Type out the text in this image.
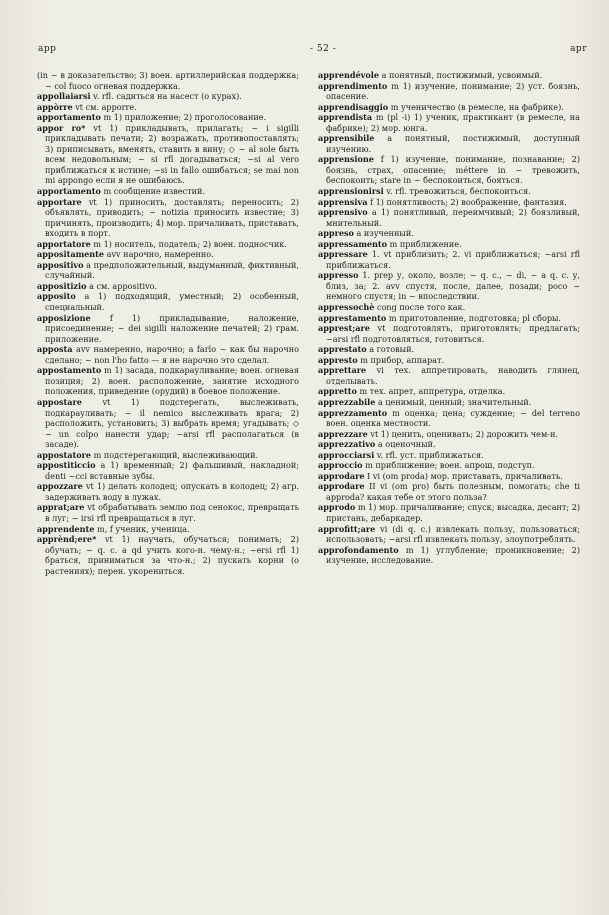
app	- 52 -	apr

(in ~ в доказательство; 3) воен. артиллерийская поддержка; ~ col fuoco огневая поддержка.

appollaiarsi v. rfl. садиться на насест (о курах).

appòrre vt см. apporre.

apportamento m 1) приложение; 2) проголосование.

appor ro* vt 1) прикладывать, прилагать; ~ i sigilli прикладывать печати; 2) возражать, противопоставлять; 3) приписывать, вменять, ставить в вину; ◇ ~ al sole быть всем недовольным; ~ si rfl догадываться; ~si al vero приближаться к истине; ~si in fallo ошибаться; se mai non mi appongo если я не ошибаюсь.

apportamento m сообщение известий.

apportare vt 1) приносить, доставлять; переносить; 2) объявлять, приводить; ~ notizia приносить известие; 3) причинять, производить; 4) мор. причаливать, приставать, входить в порт.

apportatore m 1) носитель, податель; 2) воен. подносчик.

appositamente avv нарочно, намеренно.

appositivo a предположительный, выдуманный, фиктивный, случайный.

appositizio a см. appositivo.

apposito a 1) подходящий, уместный; 2) особенный, специальный.

apposizione f 1) прикладывание, наложение, присоединение; ~ dei sigilli наложение печатей; 2) грам. приложение.

apposta avv намеренно, нарочно; a farlo ~ как бы нарочно сделано; ~ non l'ho fatto — я не нарочно это сделал.

appostamento m 1) засада, подкарауливание; воен. огневая позиция; 2) воен. расположение, занятие исходного положения, приведение (орудий) в боевое положение.

appostare	vt 1) подстерегать, выслеживать, подкарауливать; ~ il nemico выслеживать врага; 2) расположить, установить; 3) выбрать время; угадывать; ◇ ~ un colpo нанести удар; ~arsi rfl располагаться (в засаде).

appostatore m подстерегающий, выслеживающий.

appostiticcio a 1) временный; 2) фальшивый, накладной; denti ~cci вставные зубы.

appozzare vt 1) делать колодец; опускать в колодец; 2) агр. задерживать воду в лужах.

apprat;are vt обрабатывать землю под сенокос, превращать в луг; ~ irsi rfl превращаться в луг.

apprendente m, f ученик, ученица.

apprènd;ere* vt 1) научать, обучаться; понимать; 2) обучать; ~ q. c. a qd учить кого-н. чему-н.; ~ersi rfl 1) браться, приниматься за что-н.; 2) пускать корни (о растениях); перен. укорениться.

apprendévole a понятный, постижимый, усвоимый.

apprendimento m 1) изучение, понимание; 2) уст. боязнь, опасение.

apprendisaggio m ученичество (в ремесле, на фабрике).

apprendista m (pl -i) 1) ученик, практикант (в ремесле, на фабрике); 2) мор. юнга.

apprensibile a понятный, постижимый, доступный изучению.

apprensione f 1) изучение, понимание, познавание; 2) боязнь, страх, опасение; méttere in ~ тревожить, беспокоить; stare in ~ беспокоиться, бояться.

apprensionirsi v. rfl. тревожиться, беспокоиться.

apprensiva f 1) понятливость; 2) воображение, фантазия.

apprensivo a 1) понятливый, переимчивый; 2) боязливый, мнительный.

appreso a изученный.

appressamento m приближение.

appressare 1. vt приблизить; 2. vi приближаться; ~arsi rfl приближаться.

appresso 1. prep у, около, возле; ~ q. c., ~ di, ~ a q. c. у, близ, за; 2. avv спустя, после, далее, позади; poco ~ немного спустя; in ~ впоследствии.

appressochè cong после того как.

apprestamento m приготовление, подготовка; pl сборы.

apprest;are vt подготовлять, приготовлять; предлагать; ~arsi rfl подготовляться, готовиться.

apprestato a готовый.

appresto m прибор, аппарат.

apprettare vi тех. аппретировать, наводить глянец, отделывать.

appretto m тех. апрет, аппретура, отделка.

apprezzabile a ценимый, ценный; значительный.

apprezzamento m оценка; цена; суждение; ~ del terreno воен. оценка местности.

apprezzare vt 1) ценить, оценивать; 2) дорожить чем-н.

apprezzativo a оценочный.

approcciarsi v. rfl. уст. приближаться.

approccio m приближение; воен. апрош, подступ.

approdare I vi (om proda) мор. приставать, причаливать.

approdare II vi (om pro) быть полезным, помогать; che ti approda? какая тебе от этого польза?

approdo m 1) мор. причаливание; спуск; высадка, десант; 2) пристань, дебаркадер.

approfitt;are vi (di q. c.) извлекать пользу, пользоваться; использовать; ~arsi rfl извлекать пользу, злоупотреблять.

approfondamento m 1) углубление; проникновение; 2) изучение, исследование.
